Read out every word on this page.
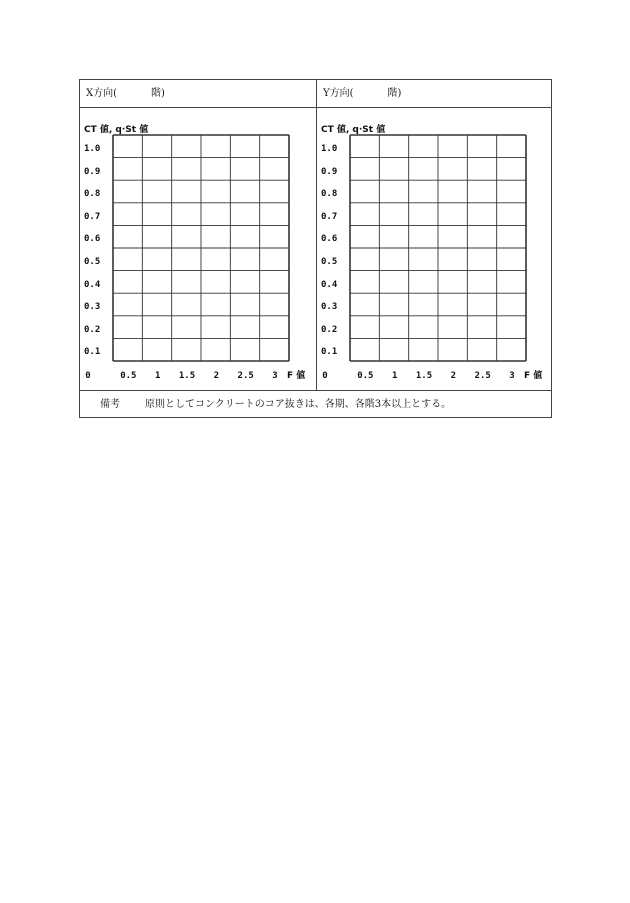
X方向(	階)	Y方向(	階)
CT 値, q·St 値
1.0
0.9
0.8
0.7
0.6
0.5
0.4
0.3
0.2
0.1
0	0.5 1 1.5 2 2.5 3 F 値
CT 値, q·St 値
1.0
0.9
0.8
0.7
0.6
0.5
0.4
0.3
0.2
0.1
0	0.5 1 1.5 2 2.5 3 F 値
備考	原則としてコンクリートのコア抜きは、各期、各階3本以上とする。
